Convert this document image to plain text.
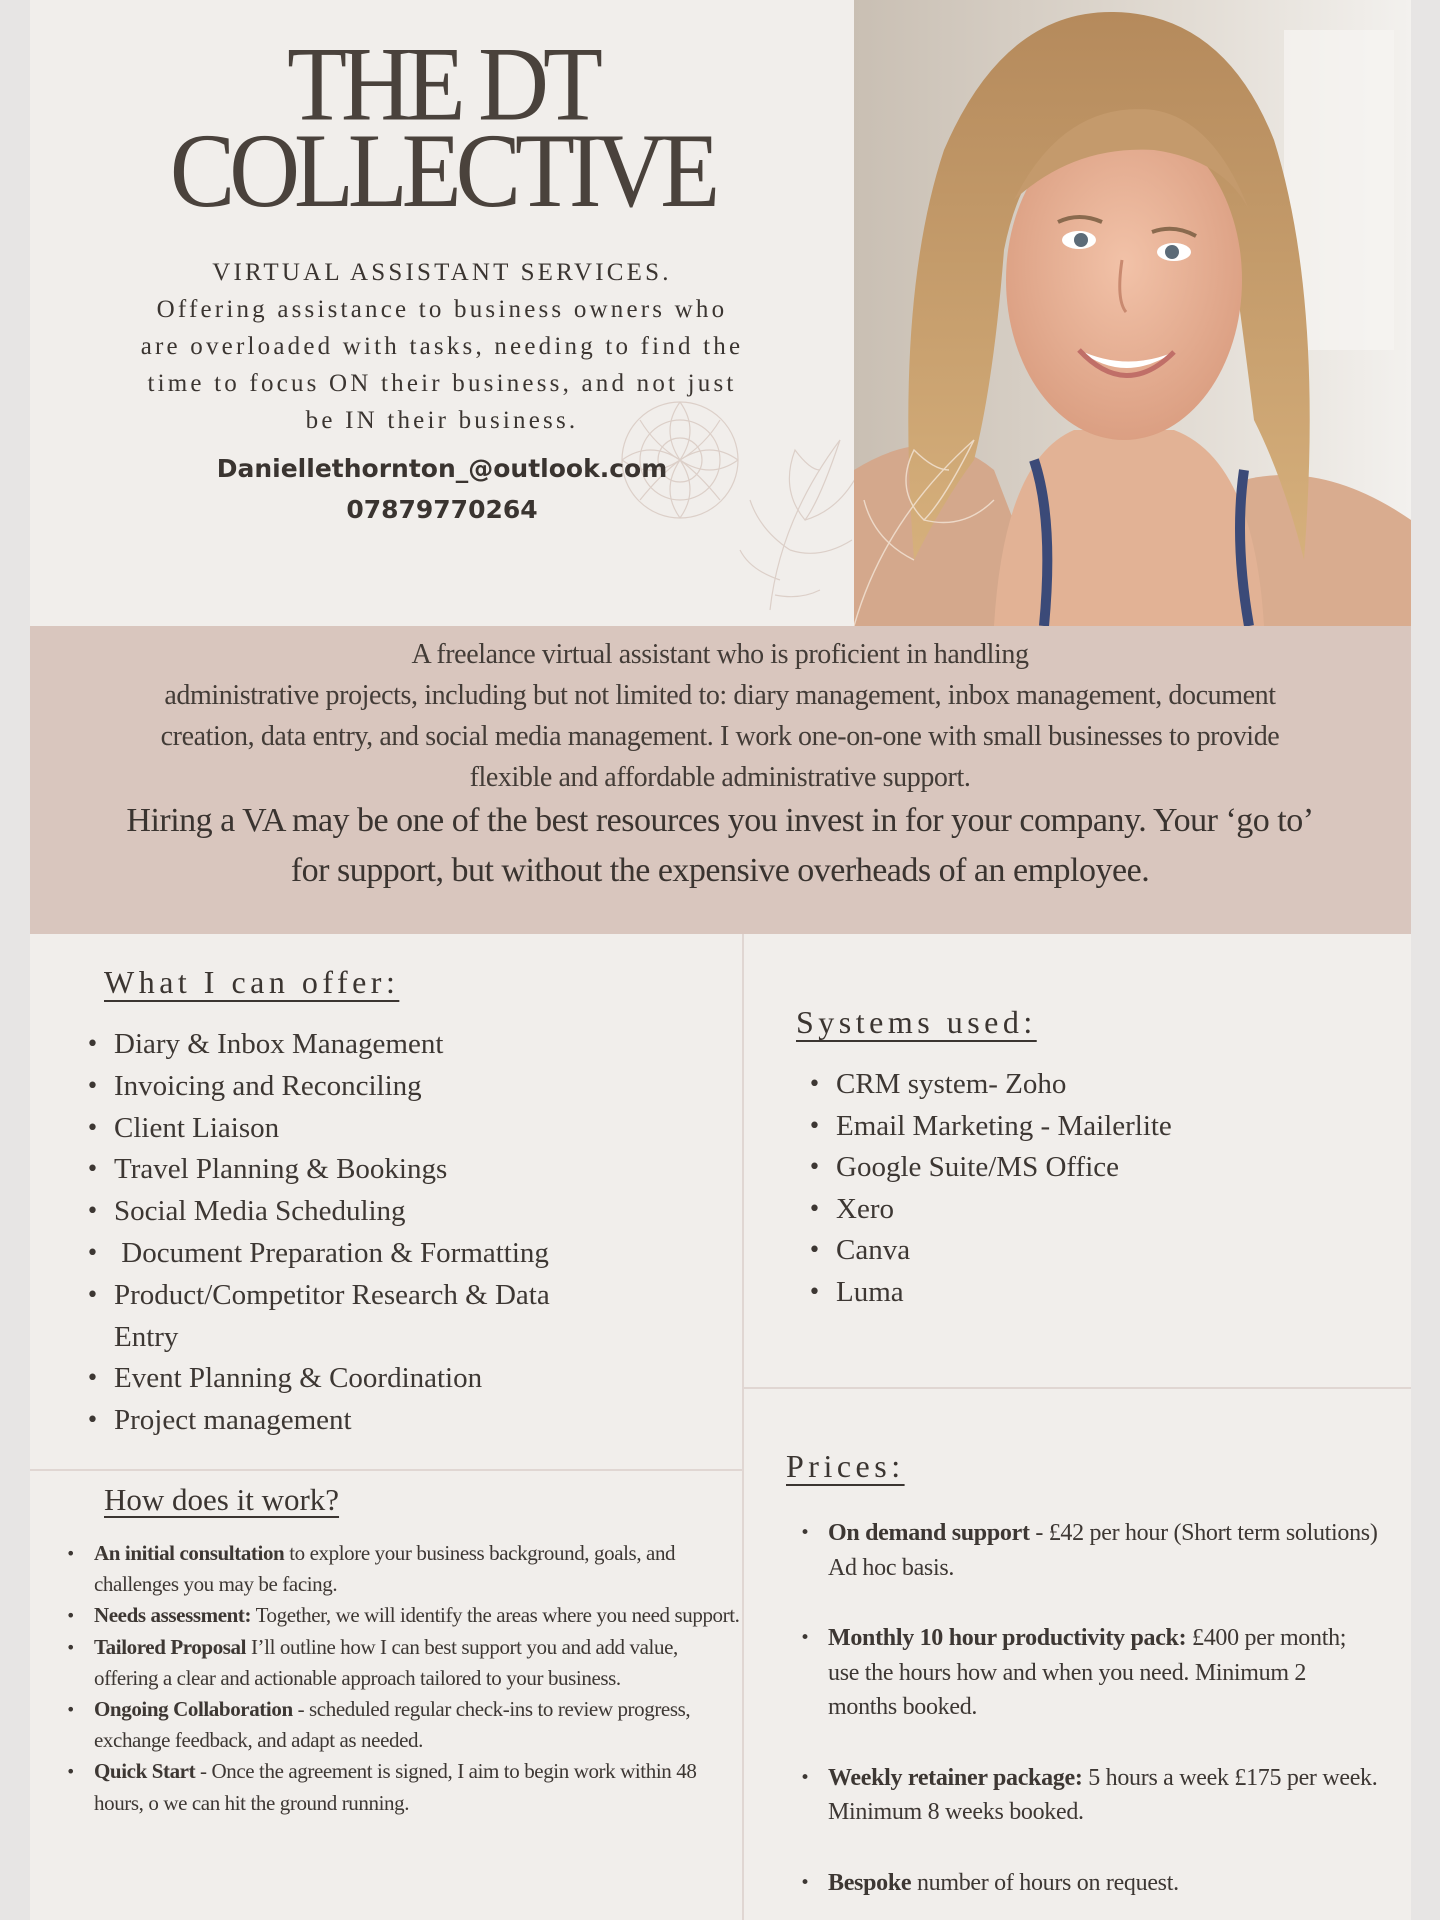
THE DT
COLLECTIVE
VIRTUAL ASSISTANT SERVICES.
Offering assistance to business owners who
are overloaded with tasks, needing to find the
time to focus ON their business, and not just
be IN their business.
Daniellethornton_@outlook.com
07879770264
A freelance virtual assistant who is proficient in handling
administrative projects, including but not limited to: diary management, inbox management, document
creation, data entry, and social media management. I work one-on-one with small businesses to provide
flexible and affordable administrative support.
Hiring a VA may be one of the best resources you invest in for your company. Your ‘go to’
for support, but without the expensive overheads of an employee.
What I can offer:
• Diary & Inbox Management
• Invoicing and Reconciling
• Client Liaison
• Travel Planning & Bookings
• Social Media Scheduling
•  Document Preparation & Formatting
• Product/Competitor Research & Data Entry
• Event Planning & Coordination
• Project management
Systems used:
• CRM system- Zoho
• Email Marketing - Mailerlite
• Google Suite/MS Office
• Xero
• Canva
• Luma
How does it work?
• An initial consultation to explore your business background, goals, and challenges you may be facing.
• Needs assessment: Together, we will identify the areas where you need support.
• Tailored Proposal I’ll outline how I can best support you and add value, offering a clear and actionable approach tailored to your business.
• Ongoing Collaboration - scheduled regular check-ins to review progress, exchange feedback, and adapt as needed.
• Quick Start - Once the agreement is signed, I aim to begin work within 48 hours, o we can hit the ground running.
Prices:
• On demand support - £42 per hour (Short term solutions) Ad hoc basis.
• Monthly 10 hour productivity pack: £400 per month; use the hours how and when you need. Minimum 2 months booked.
• Weekly retainer package: 5 hours a week £175 per week. Minimum 8 weeks booked.
• Bespoke number of hours on request.
